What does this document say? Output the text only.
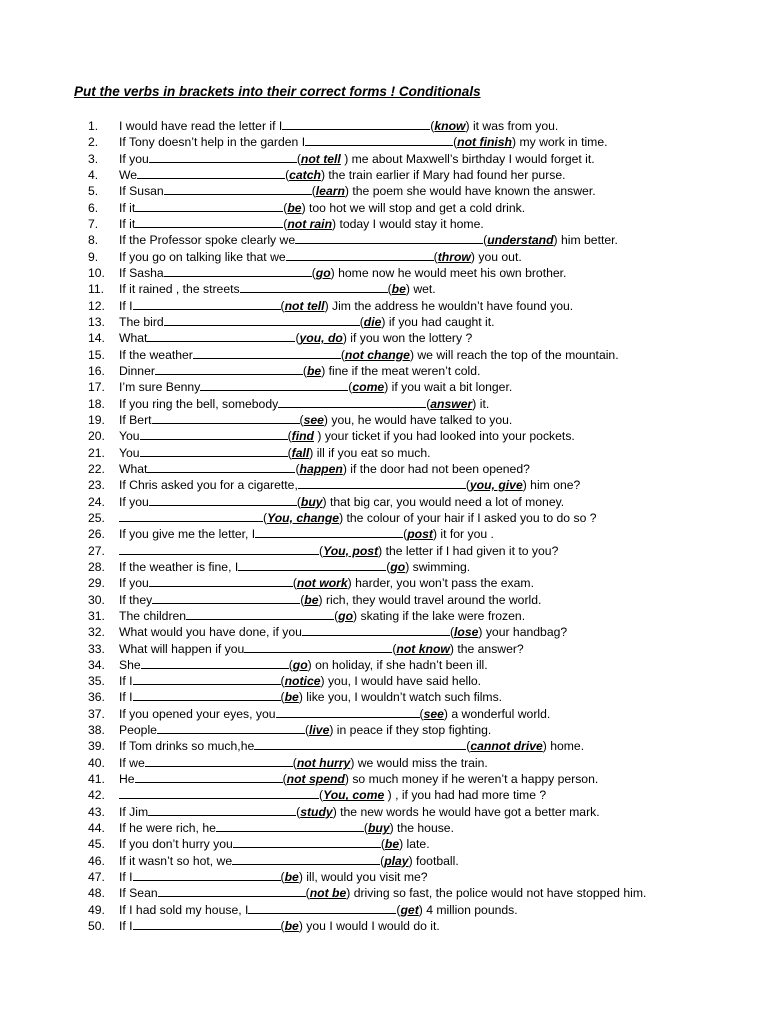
Put the verbs in brackets into their correct forms ! Conditionals
1.	I would have read the letter if I	(know) it was from you.
2.	If Tony doesn’t help in the garden I	(not finish) my work in time.
3.	If you	(not tell ) me about Maxwell’s birthday I would forget it.
4.	We	(catch) the train earlier if Mary had found her purse.
5.	If Susan	(learn) the poem she would have known the answer.
6.	If it	(be) too hot we will stop and get a cold drink.
7.	If it	(not rain) today I would stay it home.
8.	If the Professor spoke clearly we	(understand) him better.
9.	If you go on talking like that we	(throw) you out.
10.	If Sasha	(go) home now he would meet his own brother.
11.	If it rained , the streets	(be) wet.
12.	If I	(not tell) Jim the address he wouldn’t have found you.
13.	The bird	(die) if you had caught it.
14.	What	(you, do) if you won the lottery ?
15.	If the weather	(not change) we will reach the top of the mountain.
16.	Dinner	(be) fine if the meat weren’t cold.
17.	I’m sure Benny	(come) if you wait a bit longer.
18.	If you ring the bell, somebody	(answer) it.
19.	If Bert	(see) you, he would have talked to you.
20.	You	(find ) your ticket if you had looked into your pockets.
21.	You	(fall) ill if you eat so much.
22.	What	(happen) if the door had not been opened?
23.	If Chris asked you for a cigarette,	(you, give) him one?
24.	If you	(buy) that big car, you would need a lot of money.
25.	(You, change) the colour of your hair if I asked you to do so ?
26.	If you give me the letter, I	(post) it for you .
27.	(You, post) the letter if I had given it to you?
28.	If the weather is fine, I	(go) swimming.
29.	If you	(not work) harder, you won’t pass the exam.
30.	If they	(be) rich, they would travel around the world.
31.	The children	(go) skating if the lake were frozen.
32.	What would you have done, if you	(lose) your handbag?
33.	What will happen if you	(not know) the answer?
34.	She	(go) on holiday, if she hadn’t been ill.
35.	If I	(notice) you, I would have said hello.
36.	If I	(be) like you, I wouldn’t watch such films.
37.	If you opened your eyes, you	(see) a wonderful world.
38.	People	(live) in peace if they stop fighting.
39.	If Tom drinks so much,he	(cannot drive) home.
40.	If we	(not hurry) we would miss the train.
41.	He	(not spend) so much money if he weren’t a happy person.
42.	(You, come ) , if you had had more time ?
43.	If Jim	(study) the new words he would have got a better mark.
44.	If he were rich, he	(buy) the house.
45.	If you don’t hurry you	(be) late.
46.	If it wasn’t so hot, we	(play) football.
47.	If I	(be) ill, would you visit me?
48.	If Sean	(not be) driving so fast, the police would not have stopped him.
49.	If I had sold my house, I	(get) 4 million pounds.
50.	If I	(be) you I would I would do it.
